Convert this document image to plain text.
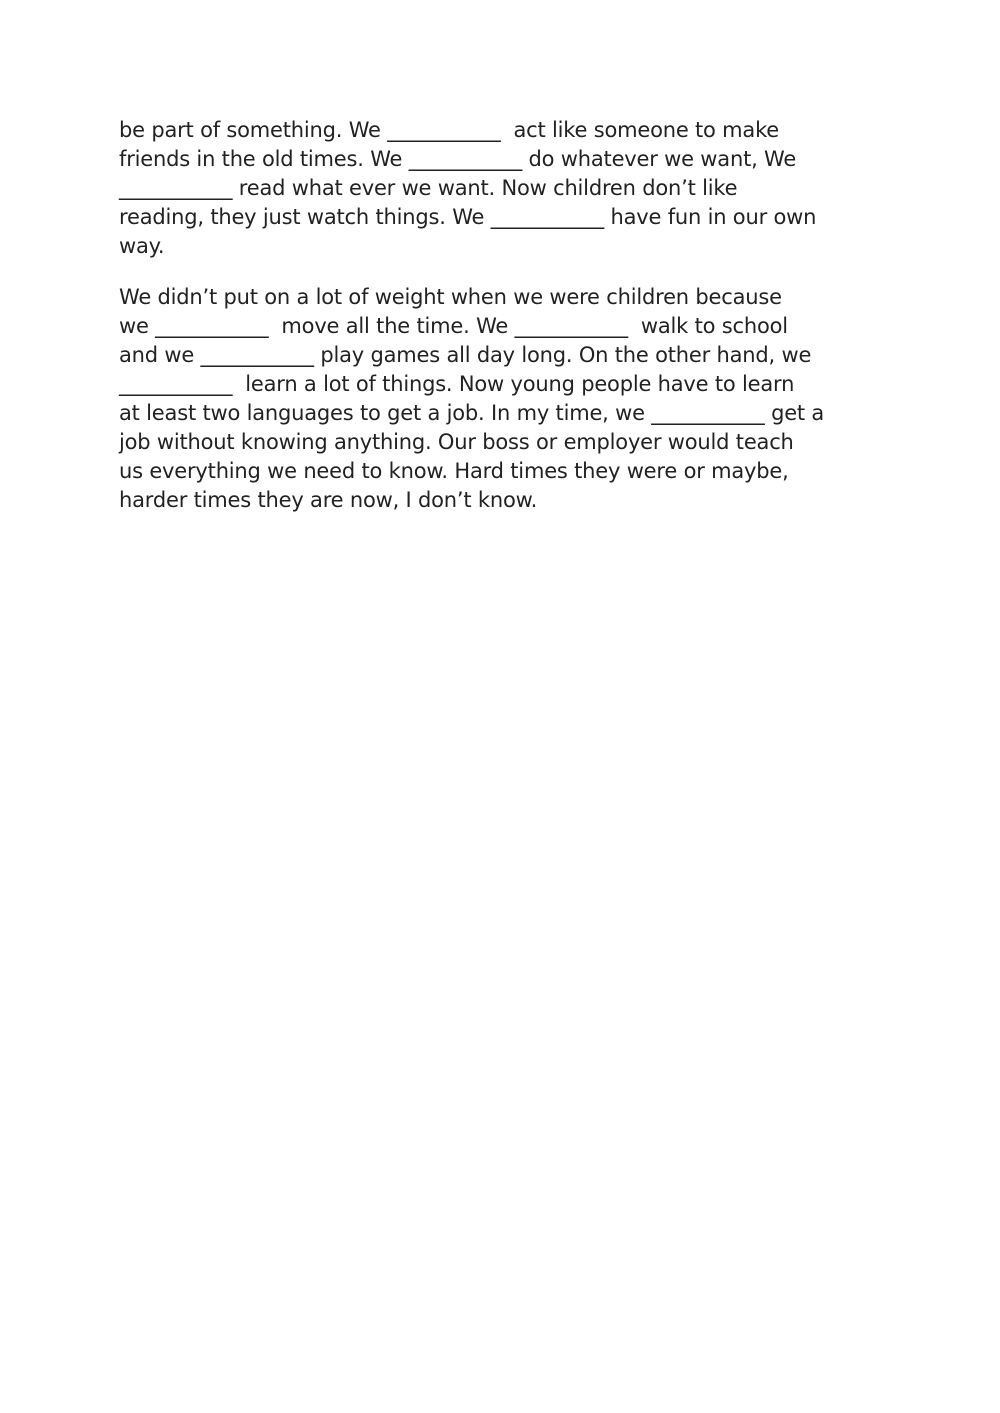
be part of something. We ___________  act like someone to make
friends in the old times. We ___________ do whatever we want, We
___________ read what ever we want. Now children don’t like
reading, they just watch things. We ___________ have fun in our own
way.
We didn’t put on a lot of weight when we were children because
we ___________  move all the time. We ___________  walk to school
and we ___________ play games all day long. On the other hand, we
___________  learn a lot of things. Now young people have to learn
at least two languages to get a job. In my time, we ___________ get a
job without knowing anything. Our boss or employer would teach
us everything we need to know. Hard times they were or maybe,
harder times they are now, I don’t know.
